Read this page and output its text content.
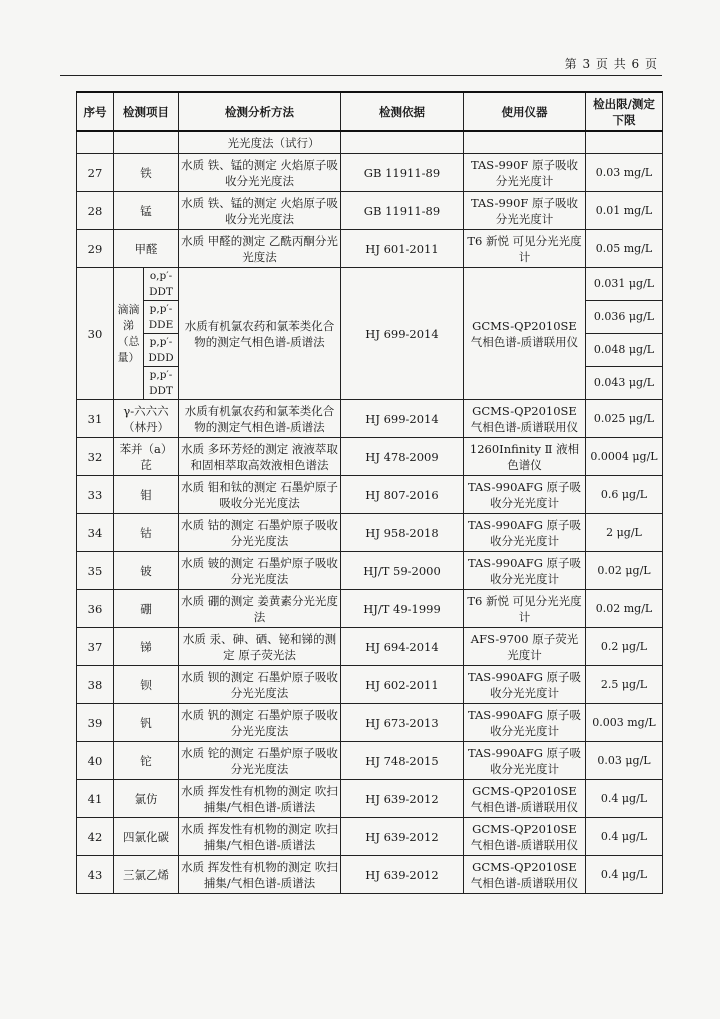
第 3 页 共 6 页
序号	检测项目		检测分析方法	检测依据	使用仪器	检出限/测定下限
			光光度法（试行）			
27	铁		水质 铁、锰的测定 火焰原子吸收分光光度法	GB 11911-89	TAS-990F 原子吸收分光光度计	0.03 mg/L
28	锰		水质 铁、锰的测定 火焰原子吸收分光光度法	GB 11911-89	TAS-990F 原子吸收分光光度计	0.01 mg/L
29	甲醛		水质 甲醛的测定 乙酰丙酮分光光度法	HJ 601-2011	T6 新悦 可见分光光度计	0.05 mg/L
30	滴滴涕（总量）	o,p′-DDT	水质有机氯农药和氯苯类化合物的测定气相色谱-质谱法	HJ 699-2014	GCMS-QP2010SE 气相色谱-质谱联用仪	0.031 μg/L
		p,p′-DDE				0.036 μg/L
		p,p′-DDD				0.048 μg/L
		p,p′-DDT				0.043 μg/L
31	γ-六六六（林丹）		水质有机氯农药和氯苯类化合物的测定气相色谱-质谱法	HJ 699-2014	GCMS-QP2010SE 气相色谱-质谱联用仪	0.025 μg/L
32	苯并（a）芘		水质 多环芳烃的测定 液液萃取和固相萃取高效液相色谱法	HJ 478-2009	1260Infinity Ⅱ 液相色谱仪	0.0004 μg/L
33	钼		水质 钼和钛的测定 石墨炉原子吸收分光光度法	HJ 807-2016	TAS-990AFG 原子吸收分光光度计	0.6 μg/L
34	钴		水质 钴的测定 石墨炉原子吸收分光光度法	HJ 958-2018	TAS-990AFG 原子吸收分光光度计	2 μg/L
35	铍		水质 铍的测定 石墨炉原子吸收分光光度法	HJ/T 59-2000	TAS-990AFG 原子吸收分光光度计	0.02 μg/L
36	硼		水质 硼的测定 姜黄素分光光度法	HJ/T 49-1999	T6 新悦 可见分光光度计	0.02 mg/L
37	锑		水质 汞、砷、硒、铋和锑的测定 原子荧光法	HJ 694-2014	AFS-9700 原子荧光光度计	0.2 μg/L
38	钡		水质 钡的测定 石墨炉原子吸收分光光度法	HJ 602-2011	TAS-990AFG 原子吸收分光光度计	2.5 μg/L
39	钒		水质 钒的测定 石墨炉原子吸收分光光度法	HJ 673-2013	TAS-990AFG 原子吸收分光光度计	0.003 mg/L
40	铊		水质 铊的测定 石墨炉原子吸收分光光度法	HJ 748-2015	TAS-990AFG 原子吸收分光光度计	0.03 μg/L
41	氯仿		水质 挥发性有机物的测定 吹扫捕集/气相色谱-质谱法	HJ 639-2012	GCMS-QP2010SE 气相色谱-质谱联用仪	0.4 μg/L
42	四氯化碳		水质 挥发性有机物的测定 吹扫捕集/气相色谱-质谱法	HJ 639-2012	GCMS-QP2010SE 气相色谱-质谱联用仪	0.4 μg/L
43	三氯乙烯		水质 挥发性有机物的测定 吹扫捕集/气相色谱-质谱法	HJ 639-2012	GCMS-QP2010SE 气相色谱-质谱联用仪	0.4 μg/L
